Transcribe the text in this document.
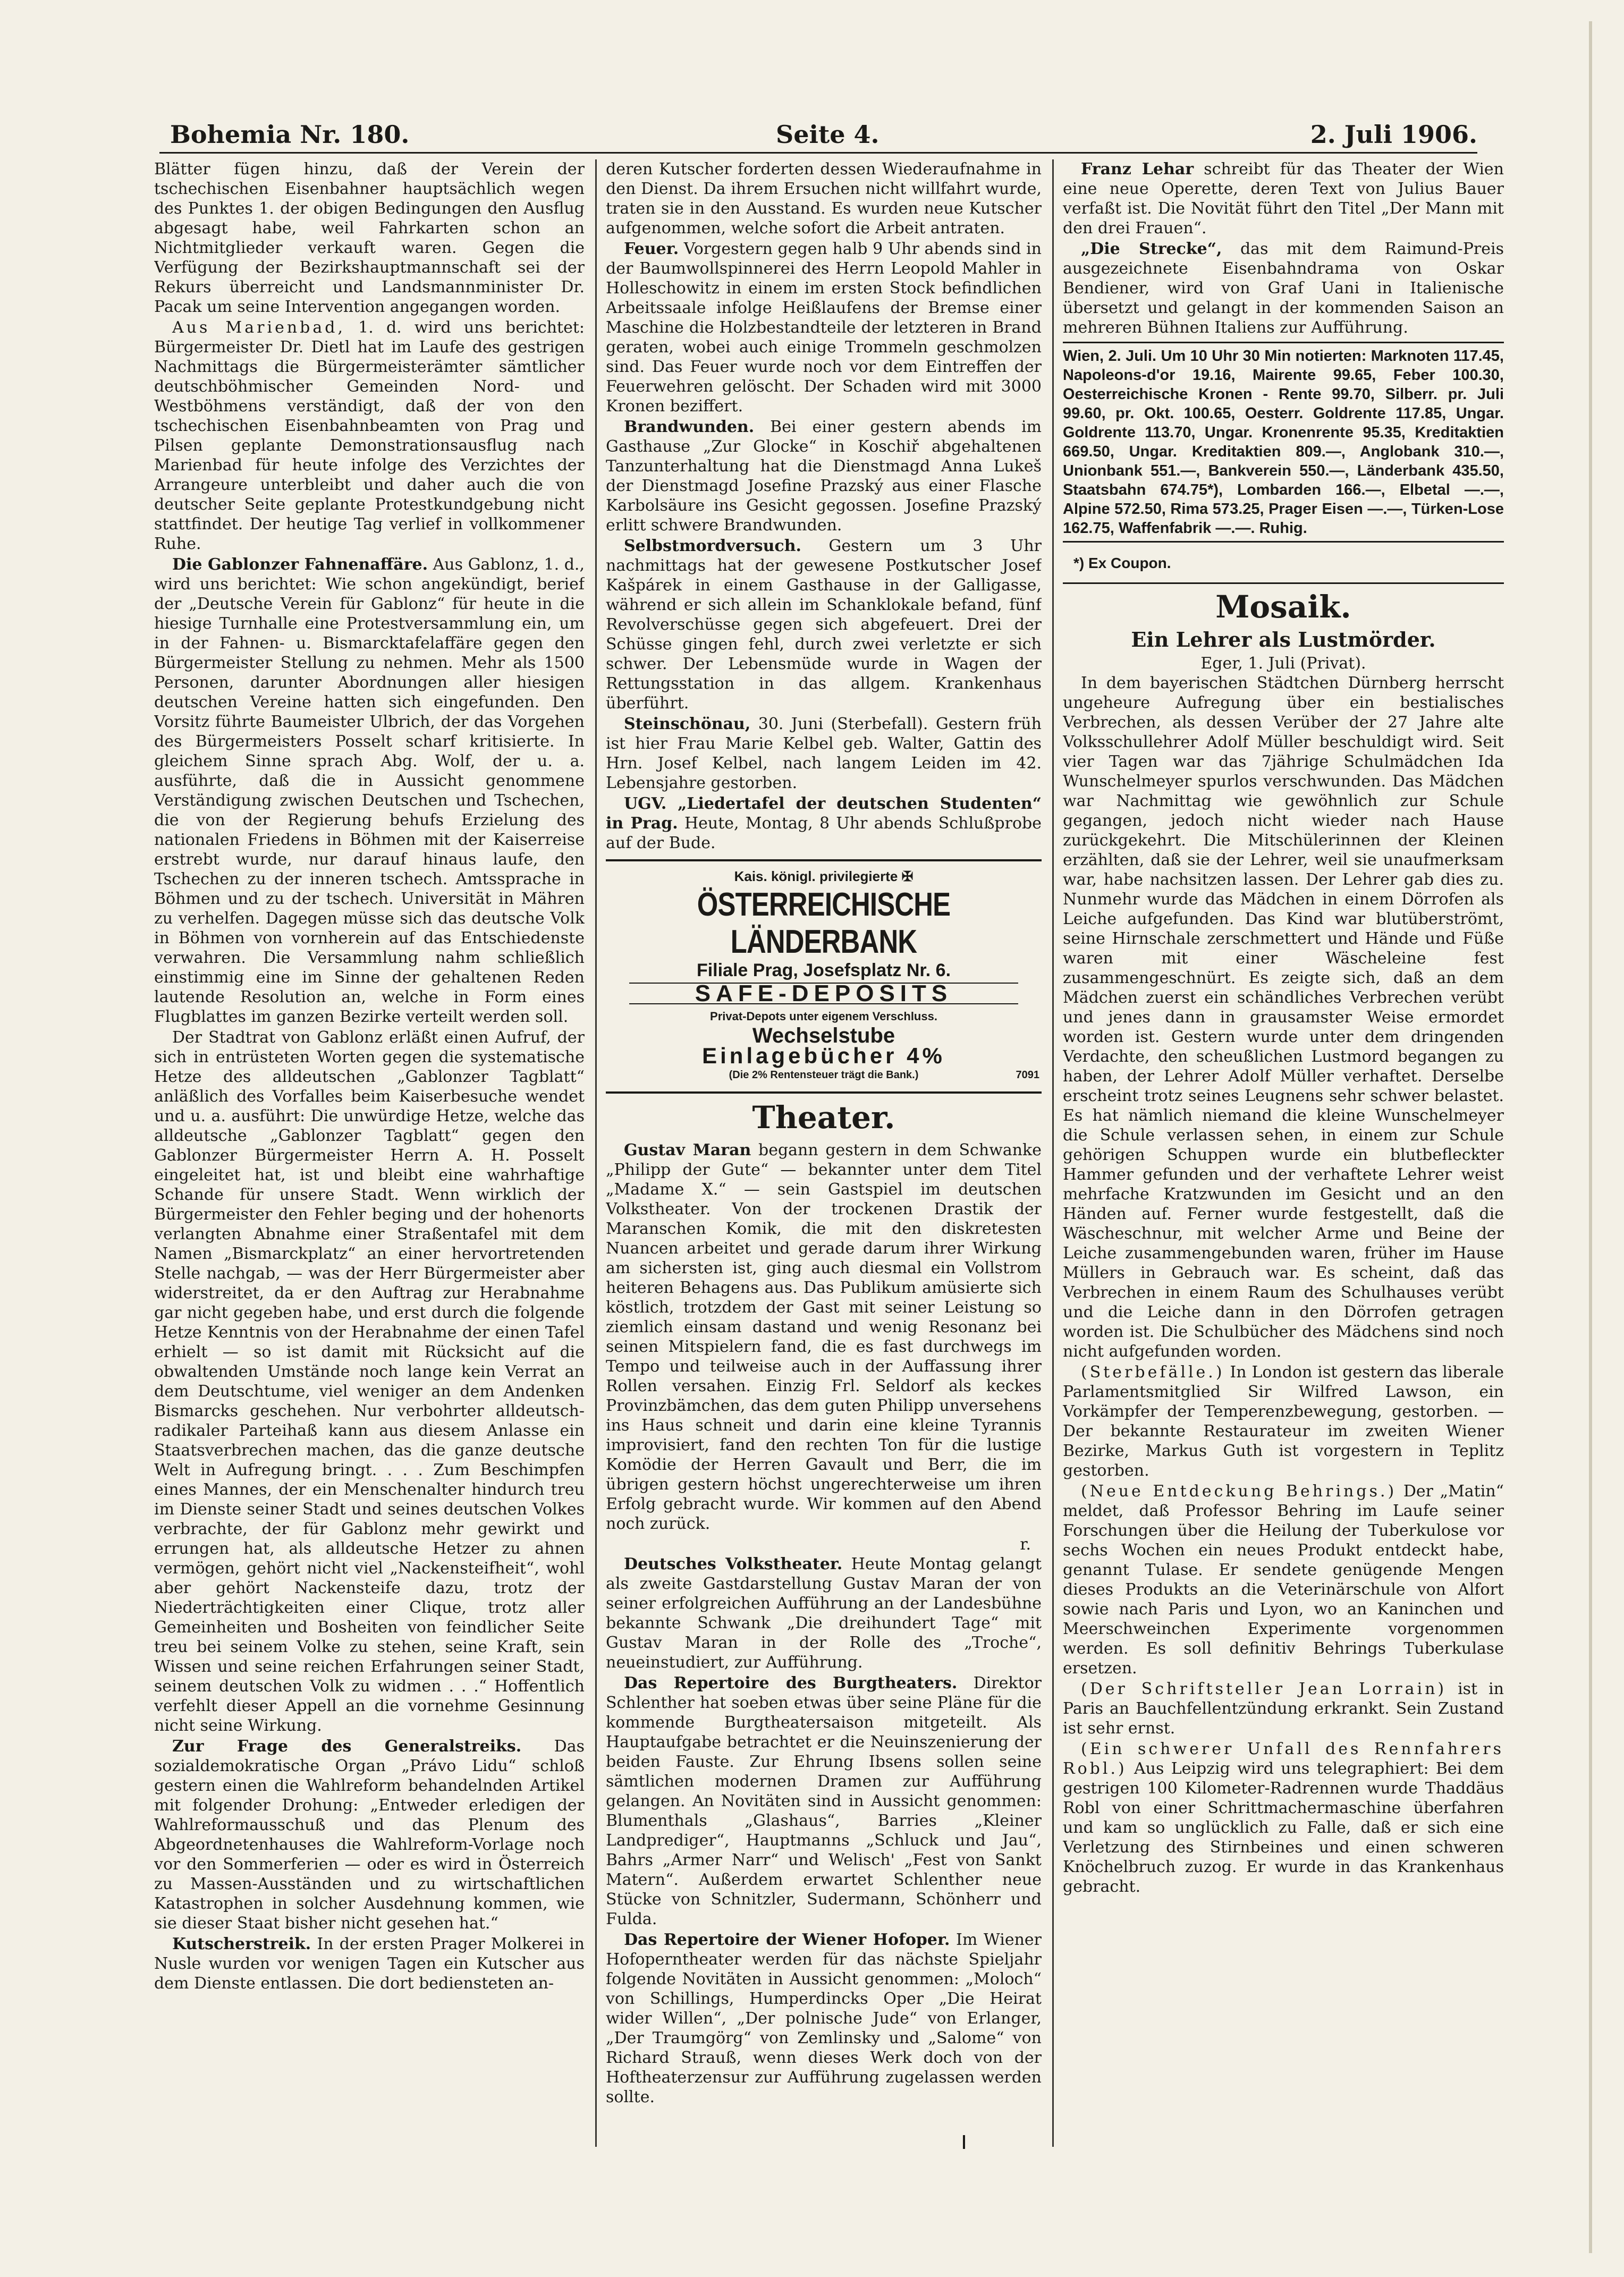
Bohemia Nr. 180.	Seite 4.	2. Juli 1906.

Blätter fügen hinzu, daß der Verein der tschechischen Eisenbahner hauptsächlich wegen des Punktes 1. der obigen Bedingungen den Ausflug abgesagt habe, weil Fahrkarten schon an Nichtmitglieder verkauft waren. Gegen die Verfügung der Bezirkshauptmannschaft sei der Rekurs überreicht und Landsmannminister Dr. Pacak um seine Intervention angegangen worden.

Aus Marienbad, 1. d. wird uns berichtet: Bürgermeister Dr. Dietl hat im Laufe des gestrigen Nachmittags die Bürgermeisterämter sämtlicher deutschböhmischer Gemeinden Nord- und Westböhmens verständigt, daß der von den tschechischen Eisenbahnbeamten von Prag und Pilsen geplante Demonstrationsausflug nach Marienbad für heute infolge des Verzichtes der Arrangeure unterbleibt und daher auch die von deutscher Seite geplante Protestkundgebung nicht stattfindet. Der heutige Tag verlief in vollkommener Ruhe.

Die Gablonzer Fahnenaffäre. Aus Gablonz, 1. d., wird uns berichtet: Wie schon angekündigt, berief der „Deutsche Verein für Gablonz“ für heute in die hiesige Turnhalle eine Protestversammlung ein, um in der Fahnen- u. Bismarcktafelaffäre gegen den Bürgermeister Stellung zu nehmen. Mehr als 1500 Personen, darunter Abordnungen aller hiesigen deutschen Vereine hatten sich eingefunden. Den Vorsitz führte Baumeister Ulbrich, der das Vorgehen des Bürgermeisters Posselt scharf kritisierte. In gleichem Sinne sprach Abg. Wolf, der u. a. ausführte, daß die in Aussicht genommene Verständigung zwischen Deutschen und Tschechen, die von der Regierung behufs Erzielung des nationalen Friedens in Böhmen mit der Kaiserreise erstrebt wurde, nur darauf hinaus laufe, den Tschechen zu der inneren tschech. Amtssprache in Böhmen und zu der tschech. Universität in Mähren zu verhelfen. Dagegen müsse sich das deutsche Volk in Böhmen von vornherein auf das Entschiedenste verwahren. Die Versammlung nahm schließlich einstimmig eine im Sinne der gehaltenen Reden lautende Resolution an, welche in Form eines Flugblattes im ganzen Bezirke verteilt werden soll.

Der Stadtrat von Gablonz erläßt einen Aufruf, der sich in entrüsteten Worten gegen die systematische Hetze des alldeutschen „Gablonzer Tagblatt“ anläßlich des Vorfalles beim Kaiserbesuche wendet und u. a. ausführt: Die unwürdige Hetze, welche das alldeutsche „Gablonzer Tagblatt“ gegen den Gablonzer Bürgermeister Herrn A. H. Posselt eingeleitet hat, ist und bleibt eine wahrhaftige Schande für unsere Stadt. Wenn wirklich der Bürgermeister den Fehler beging und der hohenorts verlangten Abnahme einer Straßentafel mit dem Namen „Bismarckplatz“ an einer hervortretenden Stelle nachgab, — was der Herr Bürgermeister aber widerstreitet, da er den Auftrag zur Herabnahme gar nicht gegeben habe, und erst durch die folgende Hetze Kenntnis von der Herabnahme der einen Tafel erhielt — so ist damit mit Rücksicht auf die obwaltenden Umstände noch lange kein Verrat an dem Deutschtume, viel weniger an dem Andenken Bismarcks geschehen. Nur verbohrter alldeutsch-radikaler Parteihaß kann aus diesem Anlasse ein Staatsverbrechen machen, das die ganze deutsche Welt in Aufregung bringt. . . . Zum Beschimpfen eines Mannes, der ein Menschenalter hindurch treu im Dienste seiner Stadt und seines deutschen Volkes verbrachte, der für Gablonz mehr gewirkt und errungen hat, als alldeutsche Hetzer zu ahnen vermögen, gehört nicht viel „Nackensteifheit“, wohl aber gehört Nackensteife dazu, trotz der Niederträchtigkeiten einer Clique, trotz aller Gemeinheiten und Bosheiten von feindlicher Seite treu bei seinem Volke zu stehen, seine Kraft, sein Wissen und seine reichen Erfahrungen seiner Stadt, seinem deutschen Volk zu widmen . . .“ Hoffentlich verfehlt dieser Appell an die vornehme Gesinnung nicht seine Wirkung.

Zur Frage des Generalstreiks. Das sozialdemokratische Organ „Právo Lidu“ schloß gestern einen die Wahlreform behandelnden Artikel mit folgender Drohung: „Entweder erledigen der Wahlreformausschuß und das Plenum des Abgeordnetenhauses die Wahlreform-Vorlage noch vor den Sommerferien — oder es wird in Österreich zu Massen-Ausständen und zu wirtschaftlichen Katastrophen in solcher Ausdehnung kommen, wie sie dieser Staat bisher nicht gesehen hat.“

Kutscherstreik. In der ersten Prager Molkerei in Nusle wurden vor wenigen Tagen ein Kutscher aus dem Dienste entlassen. Die dort bediensteten an-

deren Kutscher forderten dessen Wiederaufnahme in den Dienst. Da ihrem Ersuchen nicht willfahrt wurde, traten sie in den Ausstand. Es wurden neue Kutscher aufgenommen, welche sofort die Arbeit antraten.

Feuer. Vorgestern gegen halb 9 Uhr abends sind in der Baumwollspinnerei des Herrn Leopold Mahler in Holleschowitz in einem im ersten Stock befindlichen Arbeitssaale infolge Heißlaufens der Bremse einer Maschine die Holzbestandteile der letzteren in Brand geraten, wobei auch einige Trommeln geschmolzen sind. Das Feuer wurde noch vor dem Eintreffen der Feuerwehren gelöscht. Der Schaden wird mit 3000 Kronen beziffert.

Brandwunden. Bei einer gestern abends im Gasthause „Zur Glocke“ in Koschiř abgehaltenen Tanzunterhaltung hat die Dienstmagd Anna Lukeš der Dienstmagd Josefine Prazský aus einer Flasche Karbolsäure ins Gesicht gegossen. Josefine Prazský erlitt schwere Brandwunden.

Selbstmordversuch. Gestern um 3 Uhr nachmittags hat der gewesene Postkutscher Josef Kašpárek in einem Gasthause in der Galligasse, während er sich allein im Schanklokale befand, fünf Revolverschüsse gegen sich abgefeuert. Drei der Schüsse gingen fehl, durch zwei verletzte er sich schwer. Der Lebensmüde wurde in Wagen der Rettungsstation in das allgem. Krankenhaus überführt.

Steinschönau, 30. Juni (Sterbefall). Gestern früh ist hier Frau Marie Kelbel geb. Walter, Gattin des Hrn. Josef Kelbel, nach langem Leiden im 42. Lebensjahre gestorben.

UGV. „Liedertafel der deutschen Studenten“ in Prag. Heute, Montag, 8 Uhr abends Schlußprobe auf der Bude.

Kais. königl. privilegierte ✠
ÖSTERREICHISCHE LÄNDERBANK
Filiale Prag, Josefsplatz Nr. 6.
SAFE-DEPOSITS
Privat-Depots unter eigenem Verschluss.
Wechselstube
Einlagebücher 4%
(Die 2% Rentensteuer trägt die Bank.)	7091
Theater.

Gustav Maran begann gestern in dem Schwanke „Philipp der Gute“ — bekannter unter dem Titel „Madame X.“ — sein Gastspiel im deutschen Volkstheater. Von der trockenen Drastik der Maranschen Komik, die mit den diskretesten Nuancen arbeitet und gerade darum ihrer Wirkung am sichersten ist, ging auch diesmal ein Vollstrom heiteren Behagens aus. Das Publikum amüsierte sich köstlich, trotzdem der Gast mit seiner Leistung so ziemlich einsam dastand und wenig Resonanz bei seinen Mitspielern fand, die es fast durchwegs im Tempo und teilweise auch in der Auffassung ihrer Rollen versahen. Einzig Frl. Seldorf als keckes Provinzbämchen, das dem guten Philipp unversehens ins Haus schneit und darin eine kleine Tyrannis improvisiert, fand den rechten Ton für die lustige Komödie der Herren Gavault und Berr, die im übrigen gestern höchst ungerechterweise um ihren Erfolg gebracht wurde. Wir kommen auf den Abend noch zurück.

r.

Deutsches Volkstheater. Heute Montag gelangt als zweite Gastdarstellung Gustav Maran der von seiner erfolgreichen Aufführung an der Landesbühne bekannte Schwank „Die dreihundert Tage“ mit Gustav Maran in der Rolle des „Troche“, neueinstudiert, zur Aufführung.

Das Repertoire des Burgtheaters. Direktor Schlenther hat soeben etwas über seine Pläne für die kommende Burgtheatersaison mitgeteilt. Als Hauptaufgabe betrachtet er die Neuinszenierung der beiden Fauste. Zur Ehrung Ibsens sollen seine sämtlichen modernen Dramen zur Aufführung gelangen. An Novitäten sind in Aussicht genommen: Blumenthals „Glashaus“, Barries „Kleiner Landprediger“, Hauptmanns „Schluck und Jau“, Bahrs „Armer Narr“ und Welisch' „Fest von Sankt Matern“. Außerdem erwartet Schlenther neue Stücke von Schnitzler, Sudermann, Schönherr und Fulda.

Das Repertoire der Wiener Hofoper. Im Wiener Hofoperntheater werden für das nächste Spieljahr folgende Novitäten in Aussicht genommen: „Moloch“ von Schillings, Humperdincks Oper „Die Heirat wider Willen“, „Der polnische Jude“ von Erlanger, „Der Traumgörg“ von Zemlinsky und „Salome“ von Richard Strauß, wenn dieses Werk doch von der Hoftheaterzensur zur Aufführung zugelassen werden sollte.

Franz Lehar schreibt für das Theater der Wien eine neue Operette, deren Text von Julius Bauer verfaßt ist. Die Novität führt den Titel „Der Mann mit den drei Frauen“.

„Die Strecke“, das mit dem Raimund-Preis ausgezeichnete Eisenbahndrama von Oskar Bendiener, wird von Graf Uani in Italienische übersetzt und gelangt in der kommenden Saison an mehreren Bühnen Italiens zur Aufführung.

Wien, 2. Juli. Um 10 Uhr 30 Min notierten: Marknoten 117.45, Napoleons-d'or 19.16, Mairente 99.65, Feber 100.30, Oesterreichische Kronen - Rente 99.70, Silberr. pr. Juli 99.60, pr. Okt. 100.65, Oesterr. Goldrente 117.85, Ungar. Goldrente 113.70, Ungar. Kronenrente 95.35, Kreditaktien 669.50, Ungar. Kreditaktien 809.—, Anglobank 310.—, Unionbank 551.—, Bankverein 550.—, Länderbank 435.50, Staatsbahn 674.75*), Lombarden 166.—, Elbetal —.—, Alpine 572.50, Rima 573.25, Prager Eisen —.—, Türken-Lose 162.75, Waffenfabrik —.—. Ruhig.
*) Ex Coupon.
Mosaik.
Ein Lehrer als Lustmörder.
Eger, 1. Juli (Privat).

In dem bayerischen Städtchen Dürnberg herrscht ungeheure Aufregung über ein bestialisches Verbrechen, als dessen Verüber der 27 Jahre alte Volksschullehrer Adolf Müller beschuldigt wird. Seit vier Tagen war das 7jährige Schulmädchen Ida Wunschelmeyer spurlos verschwunden. Das Mädchen war Nachmittag wie gewöhnlich zur Schule gegangen, jedoch nicht wieder nach Hause zurückgekehrt. Die Mitschülerinnen der Kleinen erzählten, daß sie der Lehrer, weil sie unaufmerksam war, habe nachsitzen lassen. Der Lehrer gab dies zu. Nunmehr wurde das Mädchen in einem Dörrofen als Leiche aufgefunden. Das Kind war blutüberströmt, seine Hirnschale zerschmettert und Hände und Füße waren mit einer Wäscheleine fest zusammengeschnürt. Es zeigte sich, daß an dem Mädchen zuerst ein schändliches Verbrechen verübt und jenes dann in grausamster Weise ermordet worden ist. Gestern wurde unter dem dringenden Verdachte, den scheußlichen Lustmord begangen zu haben, der Lehrer Adolf Müller verhaftet. Derselbe erscheint trotz seines Leugnens sehr schwer belastet. Es hat nämlich niemand die kleine Wunschelmeyer die Schule verlassen sehen, in einem zur Schule gehörigen Schuppen wurde ein blutbefleckter Hammer gefunden und der verhaftete Lehrer weist mehrfache Kratzwunden im Gesicht und an den Händen auf. Ferner wurde festgestellt, daß die Wäscheschnur, mit welcher Arme und Beine der Leiche zusammengebunden waren, früher im Hause Müllers in Gebrauch war. Es scheint, daß das Verbrechen in einem Raum des Schulhauses verübt und die Leiche dann in den Dörrofen getragen worden ist. Die Schulbücher des Mädchens sind noch nicht aufgefunden worden.

(Sterbefälle.) In London ist gestern das liberale Parlamentsmitglied Sir Wilfred Lawson, ein Vorkämpfer der Temperenzbewegung, gestorben. — Der bekannte Restaurateur im zweiten Wiener Bezirke, Markus Guth ist vorgestern in Teplitz gestorben.

(Neue Entdeckung Behrings.) Der „Matin“ meldet, daß Professor Behring im Laufe seiner Forschungen über die Heilung der Tuberkulose vor sechs Wochen ein neues Produkt entdeckt habe, genannt Tulase. Er sendete genügende Mengen dieses Produkts an die Veterinärschule von Alfort sowie nach Paris und Lyon, wo an Kaninchen und Meerschweinchen Experimente vorgenommen werden. Es soll definitiv Behrings Tuberkulase ersetzen.

(Der Schriftsteller Jean Lorrain) ist in Paris an Bauchfellentzündung erkrankt. Sein Zustand ist sehr ernst.

(Ein schwerer Unfall des Rennfahrers Robl.) Aus Leipzig wird uns telegraphiert: Bei dem gestrigen 100 Kilometer-Radrennen wurde Thaddäus Robl von einer Schrittmachermaschine überfahren und kam so unglücklich zu Falle, daß er sich eine Verletzung des Stirnbeines und einen schweren Knöchelbruch zuzog. Er wurde in das Krankenhaus gebracht.
